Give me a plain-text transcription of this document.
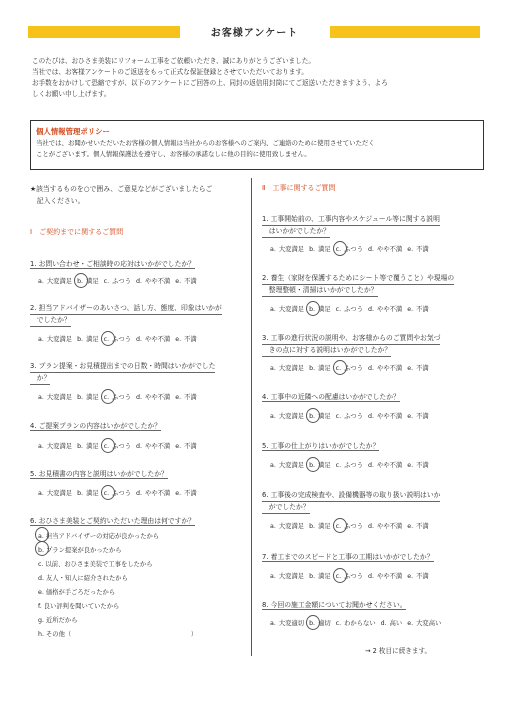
お客様アンケート
このたびは、おひさま美装にリフォーム工事をご依頼いただき、誠にありがとうございました。
当社では、お客様アンケートのご返送をもって正式な保証登録とさせていただいております。
お手数をおかけして恐縮ですが、以下のアンケートにご回答の上、同封の返信用封筒にてご返送いただきますよう、よろ
しくお願い申し上げます。
個人情報管理ポリシー
当社では、お聞かせいただいたお客様の個人情報は当社からのお客様へのご案内、ご連絡のために使用させていただく
ことがございます。個人情報保護法を遵守し、お客様の承諾なしに他の目的に使用致しません。
★該当するものを○で囲み、ご意見などがございましたらご
　記入ください。
Ⅰ　ご契約までに関するご質問
1. お問い合わせ・ご相談時の応対はいかがでしたか？
a. 大変満足 b. 満足 c. ふつう d. やや不満 e. 不満
2. 担当アドバイザーのあいさつ、話し方、態度、印象はいかが
　でしたか？
a. 大変満足 b. 満足 c. ふつう d. やや不満 e. 不満
3. プラン提案・お見積提出までの日数・時間はいかがでした
　か？
a. 大変満足 b. 満足 c. ふつう d. やや不満 e. 不満
4. ご提案プランの内容はいかがでしたか？
a. 大変満足 b. 満足 c. ふつう d. やや不満 e. 不満
5. お見積書の内容と説明はいかがでしたか？
a. 大変満足 b. 満足 c. ふつう d. やや不満 e. 不満
6. おひさま美装とご契約いただいた理由は何ですか？
a. 担当アドバイザーの対応が良かったから
b. プラン提案が良かったから
c. 以前、おひさま美装で工事をしたから
d. 友人・知人に紹介されたから
e. 価格が手ごろだったから
f. 良い評判を聞いていたから
g. 近所だから
h. その他（　　　　　　　　　　　　　　　　　　　）
Ⅱ　工事に関するご質問
1. 工事開始前の、工事内容やスケジュール等に関する説明
　はいかがでしたか？
a. 大変満足 b. 満足 c. ふつう d. やや不満 e. 不満
2. 養生（家財を保護するためにシート等で覆うこと）や現場の
　整理整頓・清掃はいかがでしたか？
a. 大変満足 b. 満足 c. ふつう d. やや不満 e. 不満
3. 工事の進行状況の説明や、お客様からのご質問やお気づ
　きの点に対する説明はいかがでしたか？
a. 大変満足 b. 満足 c. ふつう d. やや不満 e. 不満
4. 工事中の近隣への配慮はいかがでしたか？
a. 大変満足 b. 満足 c. ふつう d. やや不満 e. 不満
5. 工事の仕上がりはいかがでしたか？
a. 大変満足 b. 満足 c. ふつう d. やや不満 e. 不満
6. 工事後の完成検査や、設備機器等の取り扱い説明はいか
　がでしたか？
a. 大変満足 b. 満足 c. ふつう d. やや不満 e. 不満
7. 着工までのスピードと工事の工期はいかがでしたか？
a. 大変満足 b. 満足 c. ふつう d. やや不満 e. 不満
8. 今回の施工金額についてお聞かせください。
a. 大変適切 b. 適切 c. わからない d. 高い e. 大変高い
→ 2 枚目に続きます。
